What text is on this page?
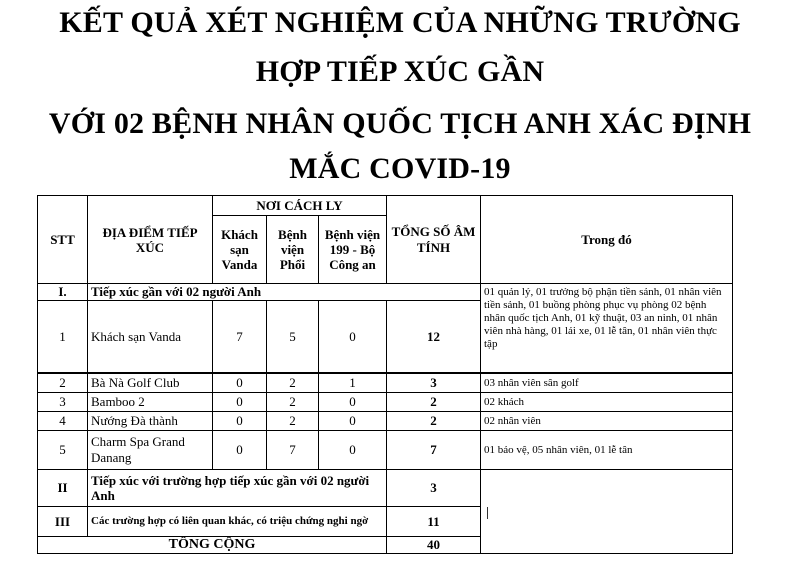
KẾT QUẢ XÉT NGHIỆM CỦA NHỮNG TRƯỜNG
HỢP TIẾP XÚC GẦN
VỚI 02 BỆNH NHÂN QUỐC TỊCH ANH XÁC ĐỊNH
MẮC COVID-19
STT	ĐỊA ĐIỂM TIẾP XÚC	NƠI CÁCH LY			TỔNG SỐ ÂM TÍNH	Trong đó
		Khách sạn Vanda	Bệnh viện Phổi	Bệnh viện 199 - Bộ Công an		
I.	Tiếp xúc gần với 02 người Anh					01 quản lý, 01 trưởng bộ phận tiền sảnh, 01 nhân viên tiền sảnh, 01 buồng phòng phục vụ phòng 02 bệnh nhân quốc tịch Anh, 01 kỹ thuật, 03 an ninh, 01 nhân viên nhà hàng, 01 lái xe, 01 lễ tân, 01 nhân viên thực tập
1	Khách sạn Vanda	7	5	0	12	
2	Bà Nà Golf Club	0	2	1	3	03 nhân viên sân golf
3	Bamboo 2	0	2	0	2	02 khách
4	Nướng Đà thành	0	2	0	2	02 nhân viên
5	Charm Spa Grand Danang	0	7	0	7	01 bảo vệ, 05 nhân viên, 01 lễ tân
II	Tiếp xúc với trường hợp tiếp xúc gần với 02 người Anh				3	
III	Các trường hợp có liên quan khác, có triệu chứng nghi ngờ				11	
TỔNG CỘNG					40	
